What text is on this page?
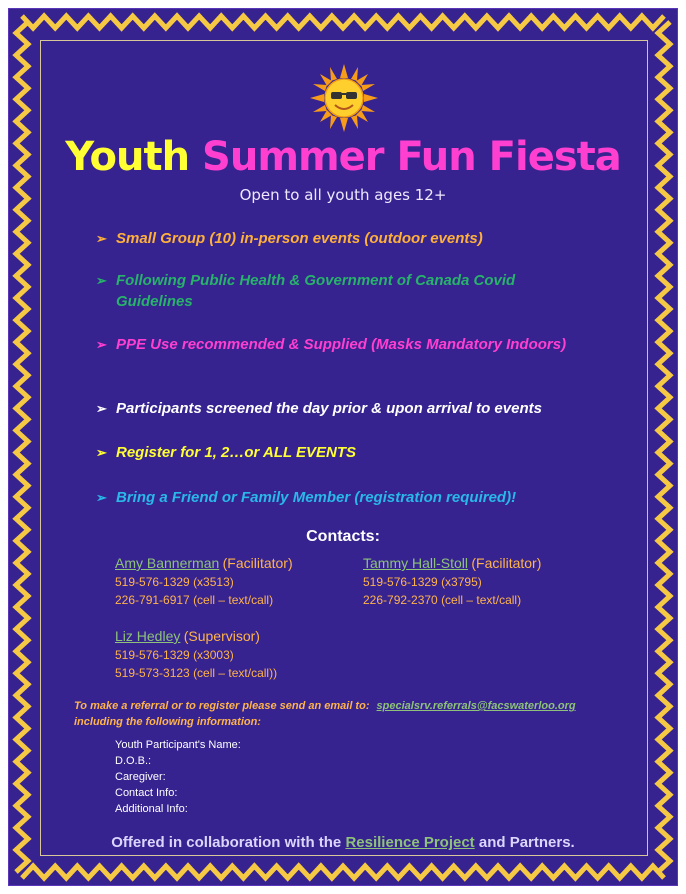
Youth Summer Fun Fiesta
Open to all youth ages 12+
➢ Small Group (10) in-person events (outdoor events)
➢ Following Public Health & Government of Canada Covid Guidelines
➢ PPE Use recommended & Supplied (Masks Mandatory Indoors)
➢ Participants screened the day prior & upon arrival to events
➢ Register for 1, 2…or ALL EVENTS
➢ Bring a Friend or Family Member (registration required)!
Contacts:
Amy Bannerman (Facilitator)
519-576-1329 (x3513)
226-791-6917 (cell – text/call)
Tammy Hall-Stoll (Facilitator)
519-576-1329 (x3795)
226-792-2370 (cell – text/call)
Liz Hedley (Supervisor)
519-576-1329 (x3003)
519-573-3123 (cell – text/call))
To make a referral or to register please send an email to: specialsrv.referrals@facswaterloo.org
including the following information:
Youth Participant's Name:
D.O.B.:
Caregiver:
Contact Info:
Additional Info:
Offered in collaboration with the Resilience Project and Partners.
